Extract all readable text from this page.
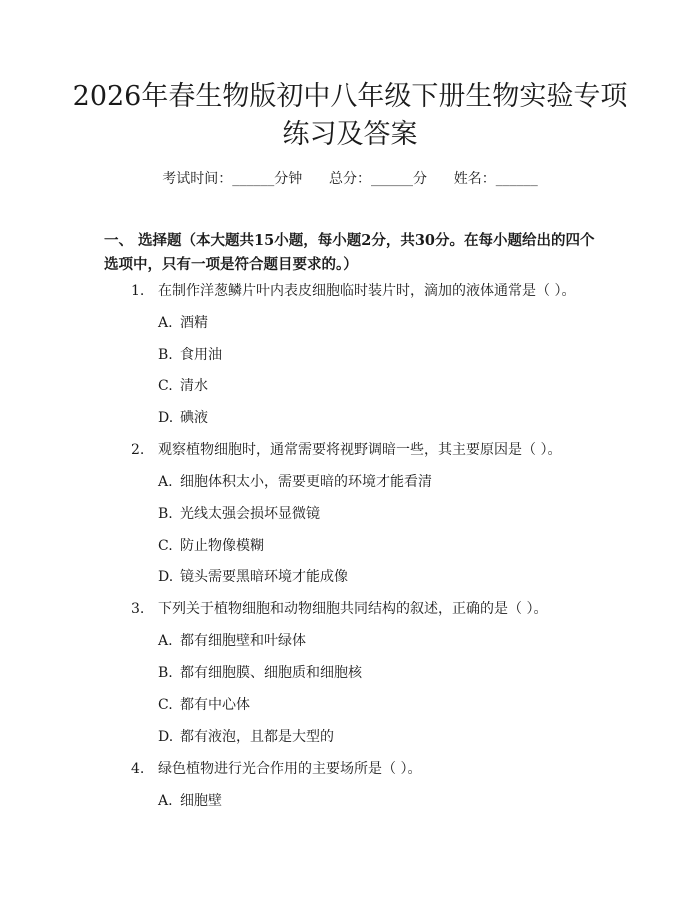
2026年春生物版初中八年级下册生物实验专项练习及答案
考试时间：______分钟      总分：______分      姓名：______
一、 选择题（本大题共15小题，每小题2分，共30分。在每小题给出的四个选项中，只有一项是符合题目要求的。）
1. 在制作洋葱鳞片叶内表皮细胞临时装片时，滴加的液体通常是（ ）。
A. 酒精
B. 食用油
C. 清水
D. 碘液
2. 观察植物细胞时，通常需要将视野调暗一些，其主要原因是（ ）。
A. 细胞体积太小，需要更暗的环境才能看清
B. 光线太强会损坏显微镜
C. 防止物像模糊
D. 镜头需要黑暗环境才能成像
3. 下列关于植物细胞和动物细胞共同结构的叙述，正确的是（ ）。
A. 都有细胞壁和叶绿体
B. 都有细胞膜、细胞质和细胞核
C. 都有中心体
D. 都有液泡，且都是大型的
4. 绿色植物进行光合作用的主要场所是（ ）。
A. 细胞壁
